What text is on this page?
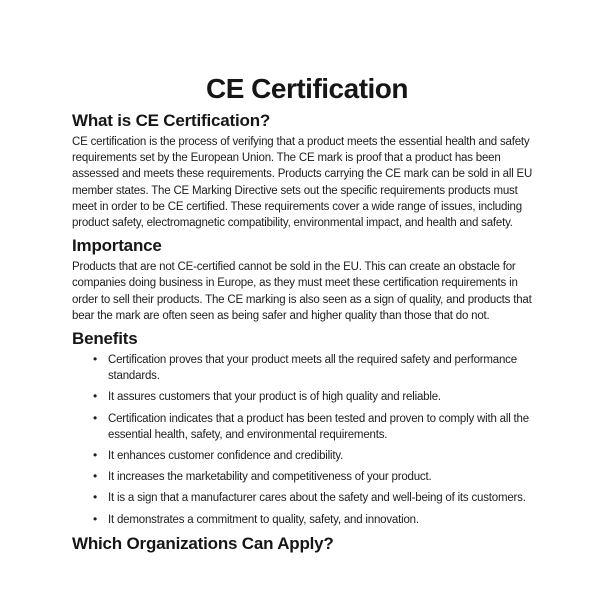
CE Certification
What is CE Certification?

CE certification is the process of verifying that a product meets the essential health and safety requirements set by the European Union. The CE mark is proof that a product has been assessed and meets these requirements. Products carrying the CE mark can be sold in all EU member states. The CE Marking Directive sets out the specific requirements products must meet in order to be CE certified. These requirements cover a wide range of issues, including product safety, electromagnetic compatibility, environmental impact, and health and safety.

Importance

Products that are not CE-certified cannot be sold in the EU. This can create an obstacle for companies doing business in Europe, as they must meet these certification requirements in order to sell their products. The CE marking is also seen as a sign of quality, and products that bear the mark are often seen as being safer and higher quality than those that do not.

Benefits
• Certification proves that your product meets all the required safety and performance standards.
• It assures customers that your product is of high quality and reliable.
• Certification indicates that a product has been tested and proven to comply with all the essential health, safety, and environmental requirements.
• It enhances customer confidence and credibility.
• It increases the marketability and competitiveness of your product.
• It is a sign that a manufacturer cares about the safety and well-being of its customers.
• It demonstrates a commitment to quality, safety, and innovation.
Which Organizations Can Apply?
